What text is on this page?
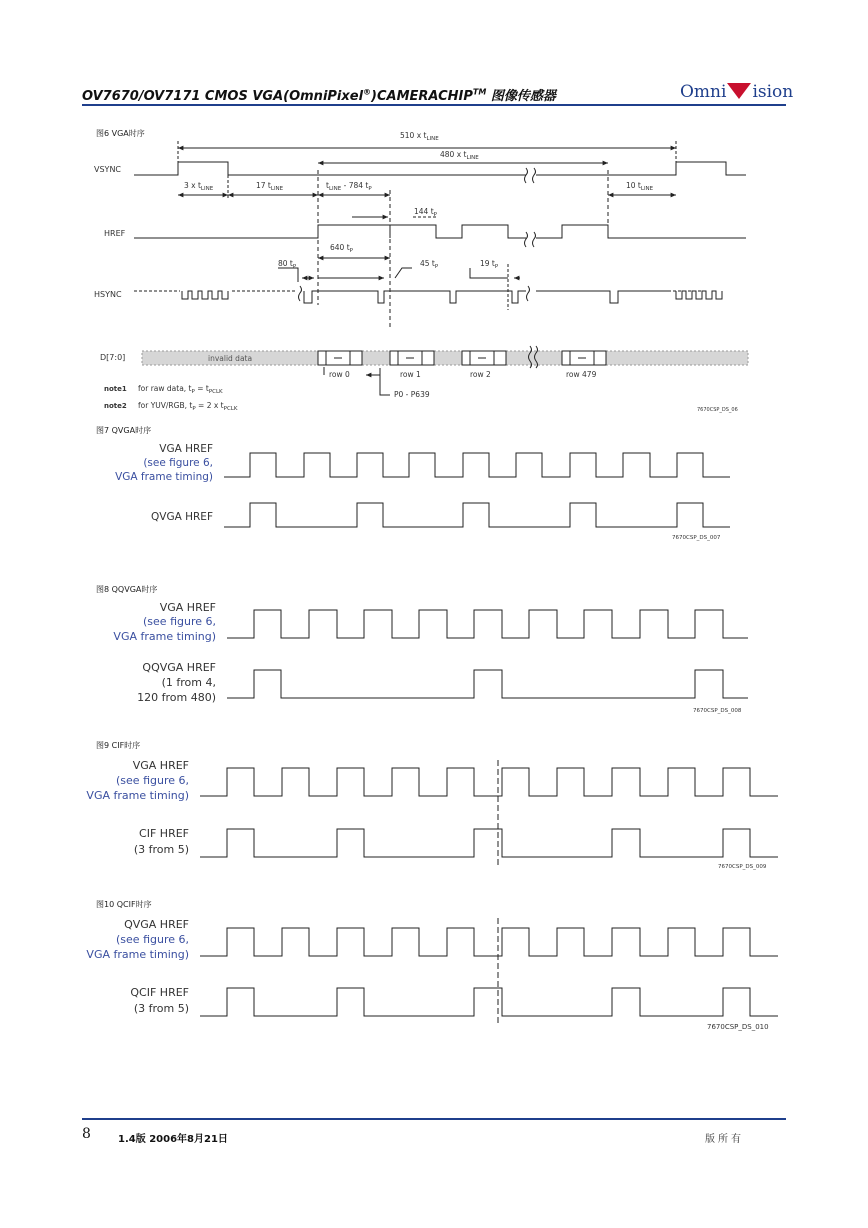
OV7670/OV7171 CMOS VGA(OmniPixel®)CAMERACHIP™ 图像传感器	Omni ision
图6 VGA时序
图7 QVGA时序
图8 QQVGA时序
图9 CIF时序
图10 QCIF时序
VSYNC
HREF
HSYNC
D[7:0]
510 x $t_{LINE}$
480 x $t_{LINE}$
3 x $t_{LINE}$	17 $t_{LINE}$	$t_{LINE} - 784$ $t_P$	10 $t_{LINE}$
144 $t_P$
640 $t_P$
80 $t_P$	45 $t_P$	19 $t_P$
invalid data
row 0	row 1	row 2	row 479
P0 - P639
note1 for raw data, $t_P = t_{PCLK}$
note2 for YUV/RGB, $t_P = 2$ x $t_{PCLK}$	7670CSP_DS_06
VGA HREF
(see figure 6,
VGA frame timing)
QVGA HREF
7670CSP_DS_007
VGA HREF
(see figure 6,
VGA frame timing)
QQVGA HREF
(1 from 4,
120 from 480)
7670CSP_DS_008
VGA HREF
(see figure 6,
VGA frame timing)
CIF HREF
(3 from 5)
7670CSP_DS_009
QVGA HREF
(see figure 6,
VGA frame timing)
QCIF HREF
(3 from 5)
7670CSP_DS_010
8	1.4版 2006年8月21日	版所有
